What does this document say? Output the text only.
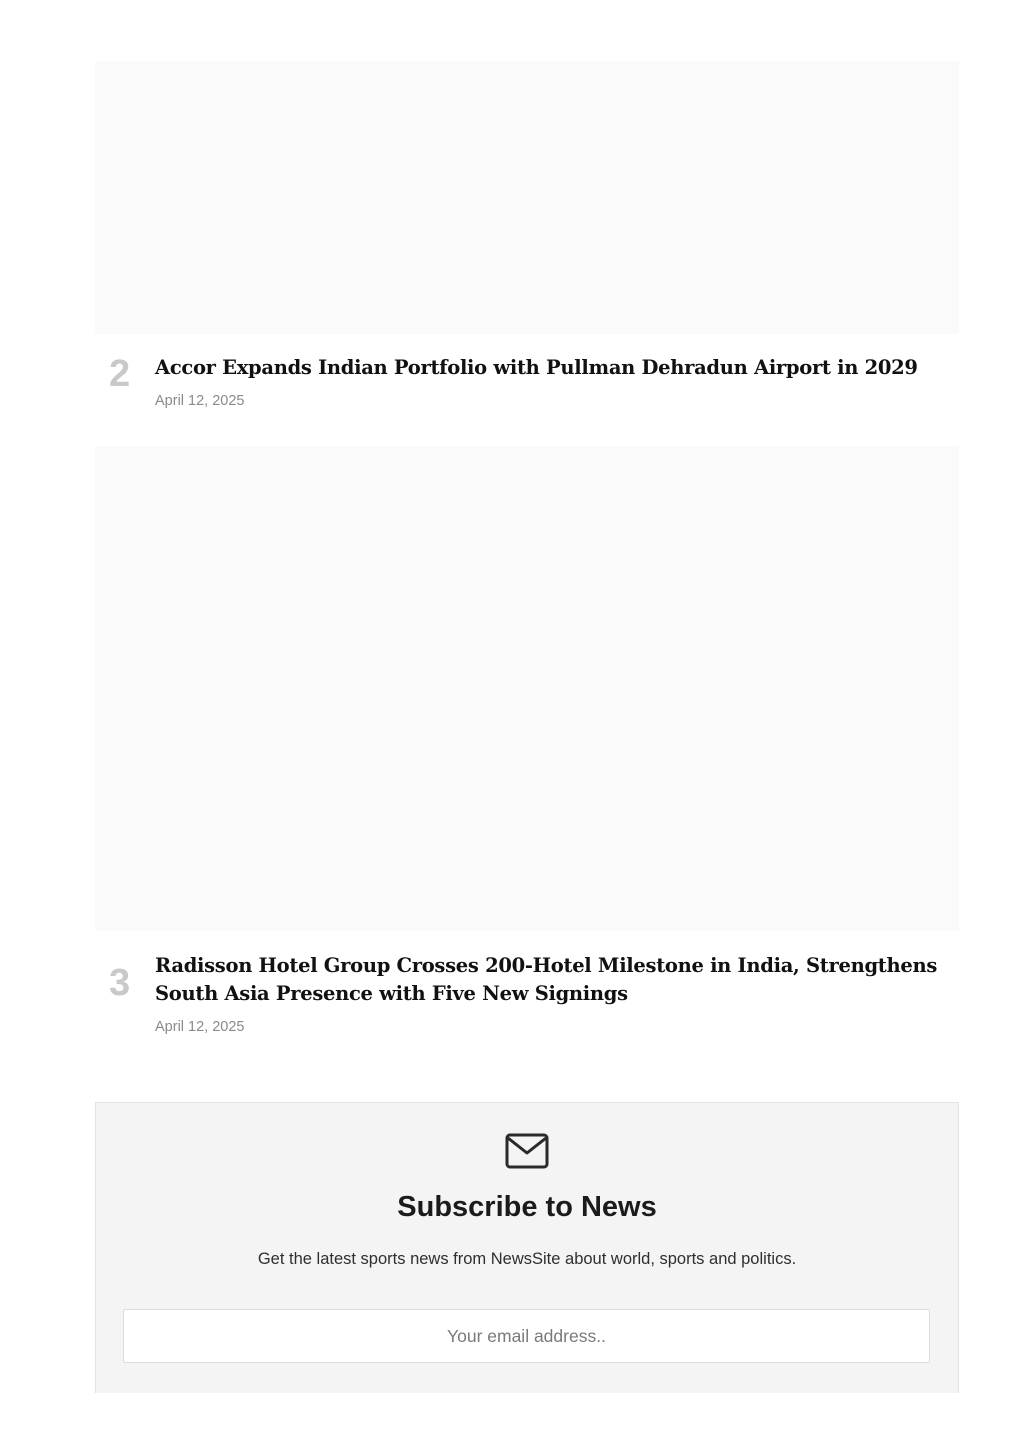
2 Accor Expands Indian Portfolio with Pullman Dehradun Airport in 2029
April 12, 2025
3 Radisson Hotel Group Crosses 200-Hotel Milestone in India, Strengthens South Asia Presence with Five New Signings
April 12, 2025
Subscribe to News

Get the latest sports news from NewsSite about world, sports and politics.

Your email address..
